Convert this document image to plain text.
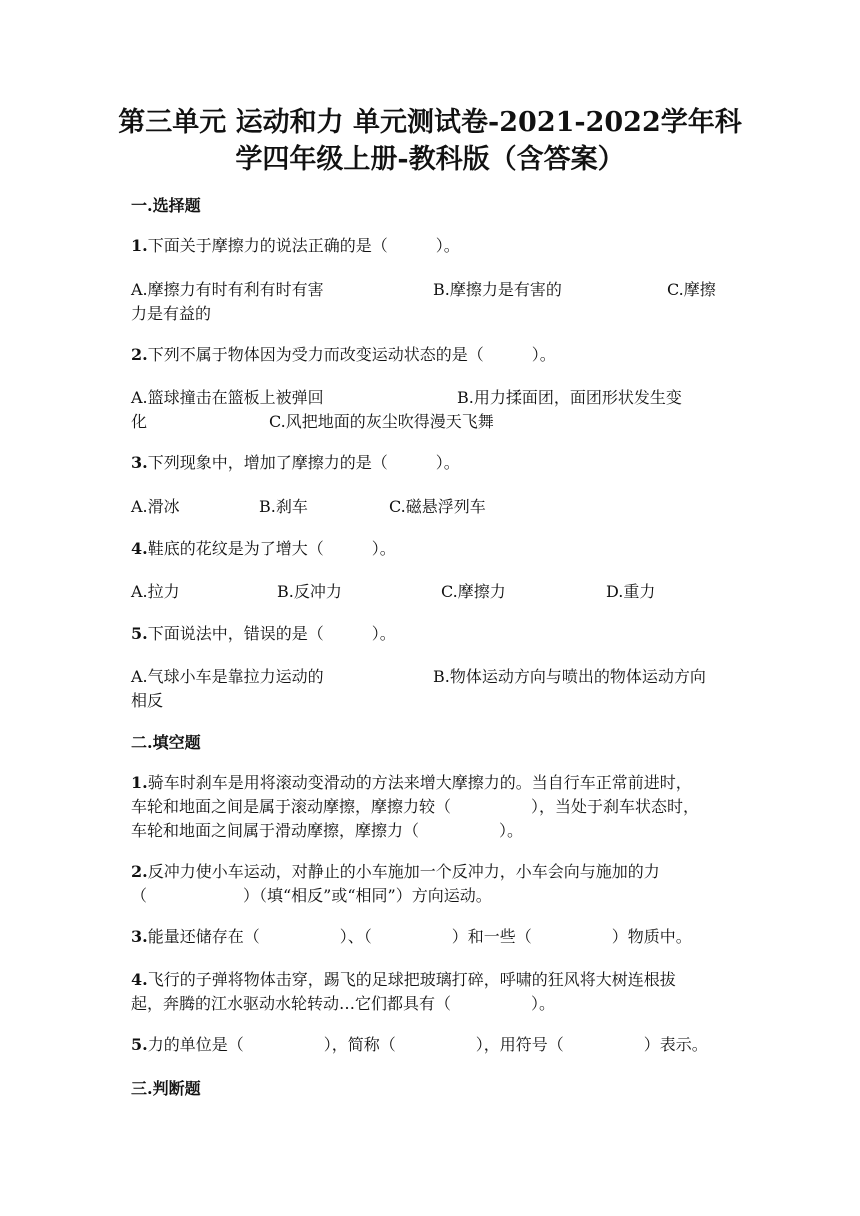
第三单元 运动和力 单元测试卷-2021-2022学年科
学四年级上册-教科版（含答案）
一.选择题
1.下面关于摩擦力的说法正确的是（　　　）。
A.摩擦力有时有利有时有害	B.摩擦力是有害的	C.摩擦
力是有益的
2.下列不属于物体因为受力而改变运动状态的是（　　　）。
A.篮球撞击在篮板上被弹回	B.用力揉面团，面团形状发生变
化	C.风把地面的灰尘吹得漫天飞舞
3.下列现象中，增加了摩擦力的是（　　　）。
A.滑冰	B.刹车	C.磁悬浮列车
4.鞋底的花纹是为了增大（　　　）。
A.拉力	B.反冲力	C.摩擦力	D.重力
5.下面说法中，错误的是（　　　）。
A.气球小车是靠拉力运动的	B.物体运动方向与喷出的物体运动方向
相反
二.填空题
1.骑车时刹车是用将滚动变滑动的方法来增大摩擦力的。当自行车正常前进时，
车轮和地面之间是属于滚动摩擦，摩擦力较（　　　　　），当处于刹车状态时，
车轮和地面之间属于滑动摩擦，摩擦力（　　　　　）。
2.反冲力使小车运动，对静止的小车施加一个反冲力，小车会向与施加的力
（　　　　　　）（填“相反”或“相同”）方向运动。
3.能量还储存在（　　　　　）、（　　　　　）和一些（　　　　　）物质中。
4.飞行的子弹将物体击穿，踢飞的足球把玻璃打碎，呼啸的狂风将大树连根拔
起，奔腾的江水驱动水轮转动…它们都具有（　　　　　）。
5.力的单位是（　　　　　），简称（　　　　　），用符号（　　　　　）表示。
三.判断题
